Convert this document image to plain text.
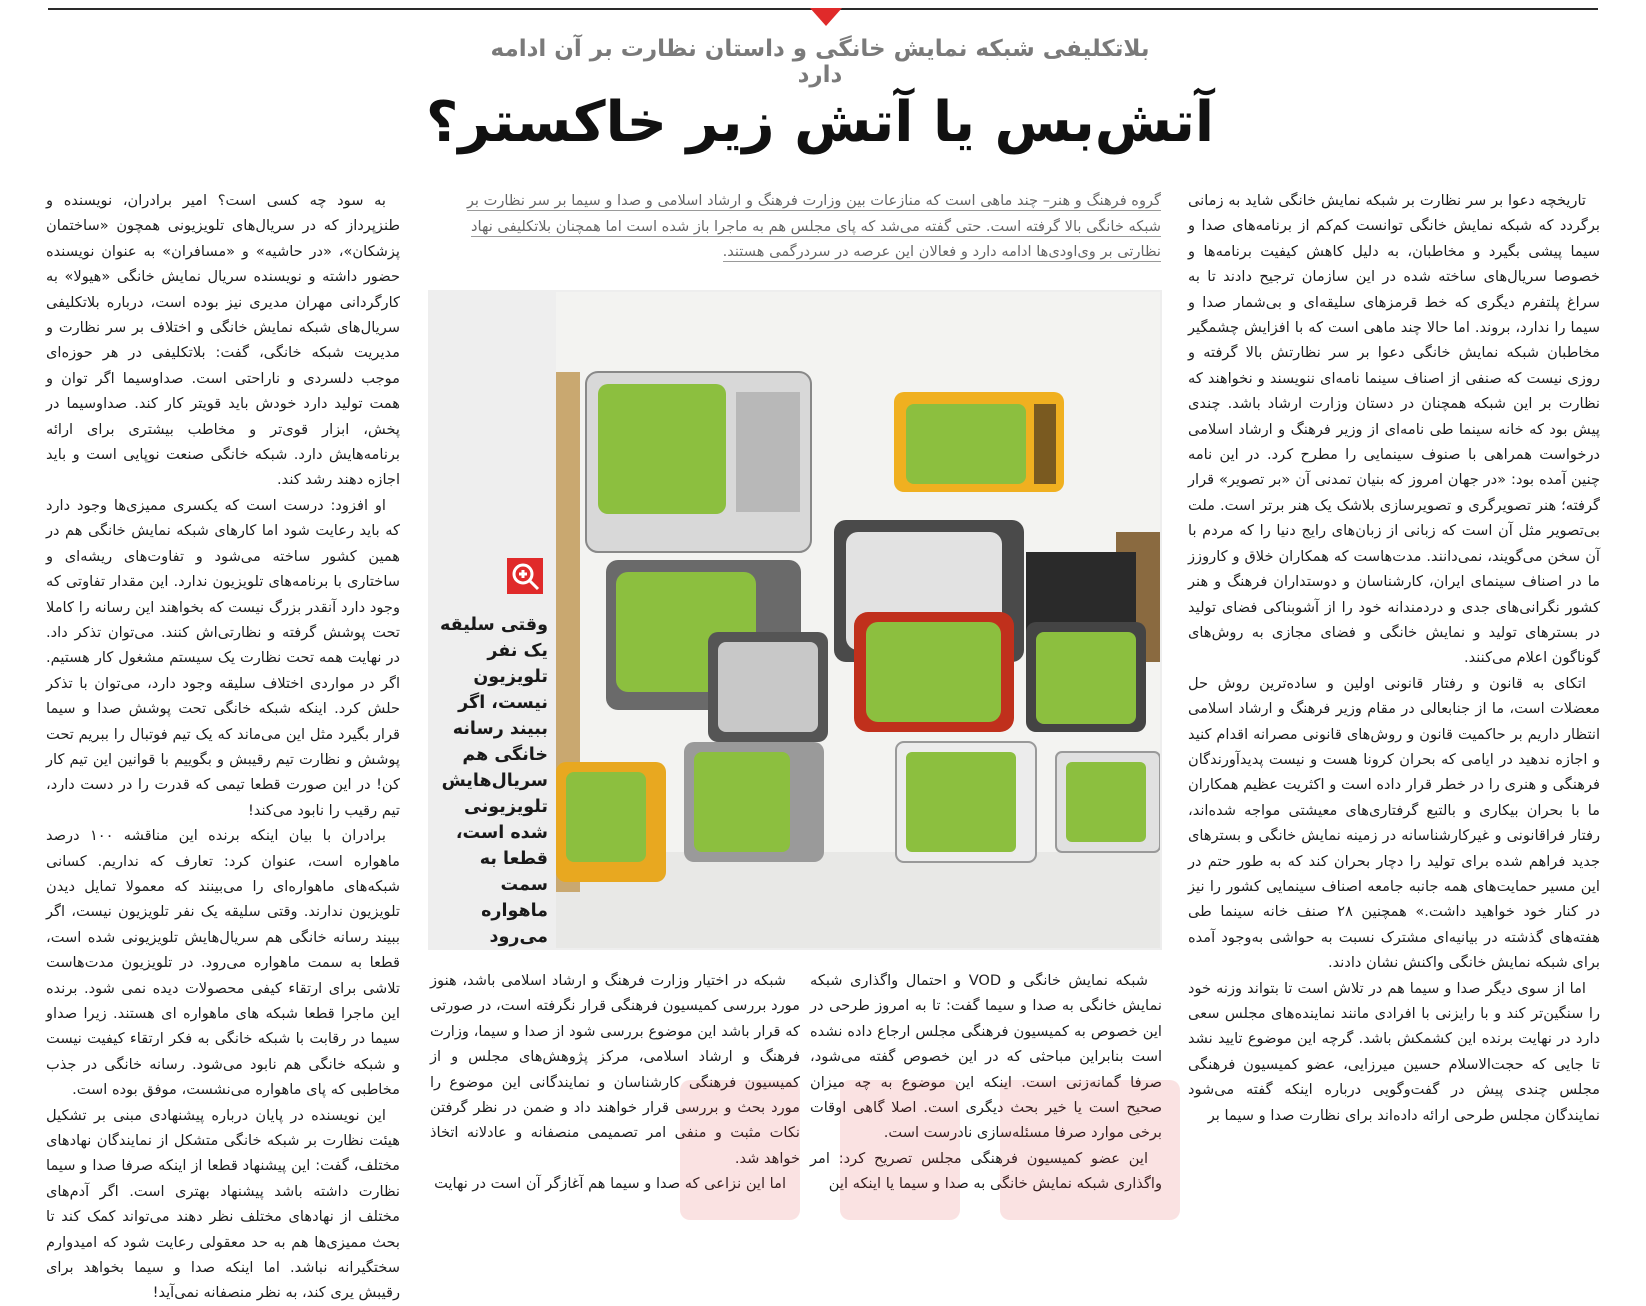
بلاتکلیفی شبکه نمایش خانگی و داستان نظارت بر آن ادامه دارد
آتش‌بس یا آتش زیر خاکستر؟

تاریخچه دعوا بر سر نظارت بر شبکه نمایش خانگی شاید به زمانی برگردد که شبکه نمایش خانگی توانست کم‌کم از برنامه‌های صدا و سیما پیشی بگیرد و مخاطبان، به دلیل کاهش کیفیت برنامه‌ها و خصوصا سریال‌های ساخته شده در این سازمان ترجیح دادند تا به سراغ پلتفرم دیگری که خط قرمزهای سلیقه‌ای و بی‌شمار صدا و سیما را ندارد، بروند. اما حالا چند ماهی است که با افزایش چشمگیر مخاطبان شبکه نمایش خانگی دعوا بر سر نظارتش بالا گرفته و روزی نیست که صنفی از اصناف سینما نامه‌ای ننویسند و نخواهند که نظارت بر این شبکه همچنان در دستان وزارت ارشاد باشد. چندی پیش بود که خانه سینما طی نامه‌ای از وزیر فرهنگ و ارشاد اسلامی درخواست همراهی با صنوف سینمایی را مطرح کرد. در این نامه چنین آمده بود: «در جهان امروز که بنیان تمدنی آن «بر تصویر» قرار گرفته؛ هنر تصویرگری و تصویرسازی بلاشک یک هنر برتر است. ملت بی‌تصویر مثل آن است که زبانی از زبان‌های رایج دنیا را که مردم با آن سخن می‌گویند، نمی‌دانند. مدت‌هاست که همکاران خلاق و کاروزز ما در اصناف سینمای ایران، کارشناسان و دوستداران فرهنگ و هنر کشور نگرانی‌های جدی و دردمندانه خود را از آشوبناکی فضای تولید در بسترهای تولید و نمایش خانگی و فضای مجازی به روش‌های گوناگون اعلام می‌کنند.

اتکای به قانون و رفتار قانونی اولین و ساده‌ترین روش حل معضلات است، ما از جنابعالی در مقام وزیر فرهنگ و ارشاد اسلامی انتظار داریم بر حاکمیت قانون و روش‌های قانونی مصرانه اقدام کنید و اجازه ندهید در ایامی که بحران کرونا هست و نیست پدیدآورندگان فرهنگی و هنری را در خطر قرار داده است و اکثریت عظیم همکاران ما با بحران بیکاری و بالتبع گرفتاری‌های معیشتی مواجه شده‌اند، رفتار فراقانونی و غیرکارشناسانه در زمینه نمایش خانگی و بسترهای جدید فراهم شده برای تولید را دچار بحران کند که به طور حتم در این مسیر حمایت‌های همه جانبه جامعه اصناف سینمایی کشور را نیز در کنار خود خواهید داشت.» همچنین ۲۸ صنف خانه سینما طی هفته‌های گذشته در بیانیه‌ای مشترک نسبت به حواشی به‌وجود آمده برای شبکه نمایش خانگی واکنش نشان دادند.

اما از سوی دیگر صدا و سیما هم در تلاش است تا بتواند وزنه خود را سنگین‌تر کند و با رایزنی با افرادی مانند نماینده‌های مجلس سعی دارد در نهایت برنده این کشمکش باشد. گرچه این موضوع تایید نشد تا جایی که حجت‌الاسلام حسین میرزایی، عضو کمیسیون فرهنگی مجلس چندی پیش در گفت‌وگویی درباره اینکه گفته می‌شود نمایندگان مجلس طرحی ارائه داده‌اند برای نظارت صدا و سیما بر

گروه فرهنگ و هنر– چند ماهی است که منازعات بین وزارت فرهنگ و ارشاد اسلامی و صدا و سیما بر سر نظارت بر شبکه خانگی بالا گرفته است. حتی گفته می‌شد که پای مجلس هم به ماجرا باز شده است اما همچنان بلاتکلیفی نهاد نظارتی بر وی‌اودی‌ها ادامه دارد و فعالان این عرصه در سردرگمی هستند.
وقتی سلیقه یک نفر تلویزیون نیست، اگر ببیند رسانه خانگی هم سریال‌هایش تلویزیونی شده است، قطعا به سمت ماهواره می‌رود

شبکه نمایش خانگی و VOD و احتمال واگذاری شبکه نمایش خانگی به صدا و سیما گفت: تا به امروز طرحی در این خصوص به کمیسیون فرهنگی مجلس ارجاع داده نشده است بنابراین مباحثی که در این خصوص گفته می‌شود، صرفا گمانه‌زنی است. اینکه این موضوع به چه میزان صحیح است یا خیر بحث دیگری است. اصلا گاهی اوقات برخی موارد صرفا مسئله‌سازی نادرست است.

این عضو کمیسیون فرهنگی مجلس تصریح کرد: امر واگذاری شبکه نمایش خانگی به صدا و سیما یا اینکه این

شبکه در اختیار وزارت فرهنگ و ارشاد اسلامی باشد، هنوز مورد بررسی کمیسیون فرهنگی قرار نگرفته است، در صورتی که قرار باشد این موضوع بررسی شود از صدا و سیما، وزارت فرهنگ و ارشاد اسلامی، مرکز پژوهش‌های مجلس و از کمیسیون فرهنگی کارشناسان و نمایندگانی این موضوع را مورد بحث و بررسی قرار خواهند داد و ضمن در نظر گرفتن نکات مثبت و منفی امر تصمیمی منصفانه و عادلانه اتخاذ خواهد شد.

اما این نزاعی که صدا و سیما هم آغازگر آن است در نهایت

به سود چه کسی است؟ امیر برادران، نویسنده و طنزپرداز که در سریال‌های تلویزیونی همچون «ساختمان پزشکان»، «در حاشیه» و «مسافران» به عنوان نویسنده حضور داشته و نویسنده سریال نمایش خانگی «هیولا» به کارگردانی مهران مدیری نیز بوده است، درباره بلاتکلیفی سریال‌های شبکه نمایش خانگی و اختلاف بر سر نظارت و مدیریت شبکه خانگی، گفت: بلاتکلیفی در هر حوزه‌ای موجب دلسردی و ناراحتی است. صداوسیما اگر توان و همت تولید دارد خودش باید قویتر کار کند. صداوسیما در پخش، ابزار قوی‌تر و مخاطب بیشتری برای ارائه برنامه‌هایش دارد. شبکه خانگی صنعت نوپایی است و باید اجازه دهند رشد کند.

او افزود: درست است که یکسری ممیزی‌ها وجود دارد که باید رعایت شود اما کارهای شبکه نمایش خانگی هم در همین کشور ساخته می‌شود و تفاوت‌های ریشه‌ای و ساختاری با برنامه‌های تلویزیون ندارد. این مقدار تفاوتی که وجود دارد آنقدر بزرگ نیست که بخواهند این رسانه را کاملا تحت پوشش گرفته و نظارتی‌اش کنند. می‌توان تذکر داد. در نهایت همه تحت نظارت یک سیستم مشغول کار هستیم. اگر در مواردی اختلاف سلیقه وجود دارد، می‌توان با تذکر حلش کرد. اینکه شبکه خانگی تحت پوشش صدا و سیما قرار بگیرد مثل این می‌ماند که یک تیم فوتبال را ببریم تحت پوشش و نظارت تیم رقیبش و بگوییم با قوانین این تیم کار کن! در این صورت قطعا تیمی که قدرت را در دست دارد، تیم رقیب را نابود می‌کند!

برادران با بیان اینکه برنده این مناقشه ۱۰۰ درصد ماهواره است، عنوان کرد: تعارف که نداریم. کسانی شبکه‌های ماهواره‌ای را می‌بینند که معمولا تمایل دیدن تلویزیون ندارند. وقتی سلیقه یک نفر تلویزیون نیست، اگر ببیند رسانه خانگی هم سریال‌هایش تلویزیونی شده است، قطعا به سمت ماهواره می‌رود. در تلویزیون مدت‌هاست تلاشی برای ارتقاء کیفی محصولات دیده نمی شود. برنده این ماجرا قطعا شبکه های ماهواره ای هستند. زیرا صداو سیما در رقابت با شبکه خانگی به فکر ارتقاء کیفیت نیست و شبکه خانگی هم نابود می‌شود. رسانه خانگی در جذب مخاطبی که پای ماهواره می‌نشست، موفق بوده است.

این نویسنده در پایان درباره پیشنهادی مبنی بر تشکیل هیئت نظارت بر شبکه خانگی متشکل از نمایندگان نهادهای مختلف، گفت: این پیشنهاد قطعا از اینکه صرفا صدا و سیما نظارت داشته باشد پیشنهاد بهتری است. اگر آدم‌های مختلف از نهادهای مختلف نظر دهند می‌تواند کمک کند تا بحث ممیزی‌ها هم به حد معقولی رعایت شود که امیدوارم سختگیرانه نباشد. اما اینکه صدا و سیما بخواهد برای رقیبش یری کند، به نظر منصفانه نمی‌آید!
